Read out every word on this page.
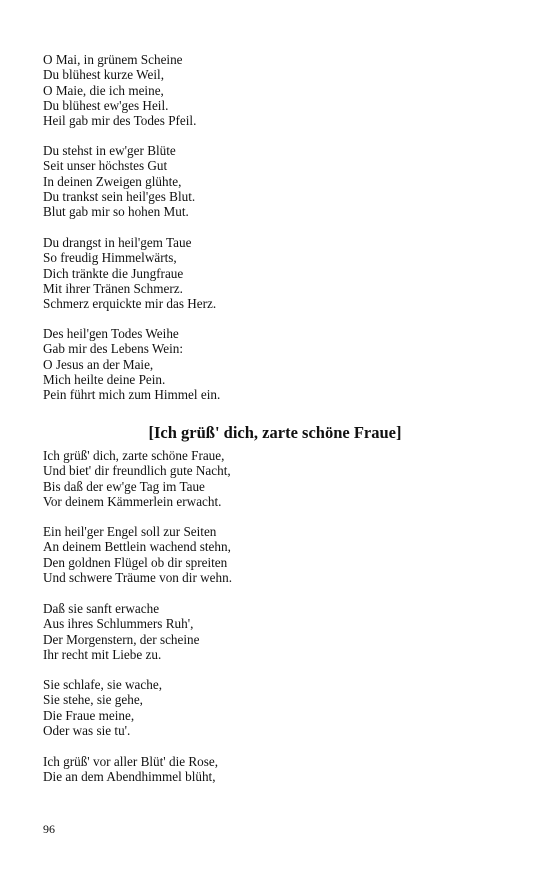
O Mai, in grünem Scheine
Du blühest kurze Weil,
O Maie, die ich meine,
Du blühest ew'ges Heil.
Heil gab mir des Todes Pfeil.
Du stehst in ew'ger Blüte
Seit unser höchstes Gut
In deinen Zweigen glühte,
Du trankst sein heil'ges Blut.
Blut gab mir so hohen Mut.
Du drangst in heil'gem Taue
So freudig Himmelwärts,
Dich tränkte die Jungfraue
Mit ihrer Tränen Schmerz.
Schmerz erquickte mir das Herz.
Des heil'gen Todes Weihe
Gab mir des Lebens Wein:
O Jesus an der Maie,
Mich heilte deine Pein.
Pein führt mich zum Himmel ein.
[Ich grüß' dich, zarte schöne Fraue]
Ich grüß' dich, zarte schöne Fraue,
Und biet' dir freundlich gute Nacht,
Bis daß der ew'ge Tag im Taue
Vor deinem Kämmerlein erwacht.
Ein heil'ger Engel soll zur Seiten
An deinem Bettlein wachend stehn,
Den goldnen Flügel ob dir spreiten
Und schwere Träume von dir wehn.
Daß sie sanft erwache
Aus ihres Schlummers Ruh',
Der Morgenstern, der scheine
Ihr recht mit Liebe zu.
Sie schlafe, sie wache,
Sie stehe, sie gehe,
Die Fraue meine,
Oder was sie tu'.
Ich grüß' vor aller Blüt' die Rose,
Die an dem Abendhimmel blüht,
96
